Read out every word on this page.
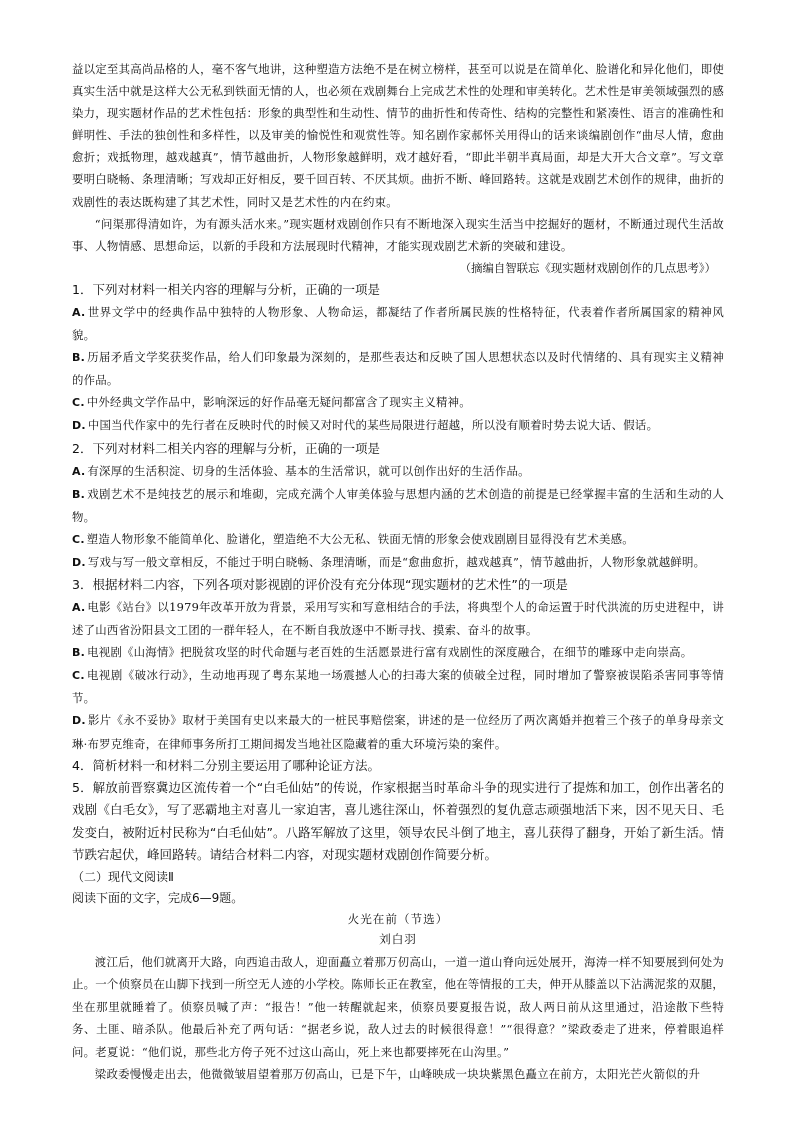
益以定至其高尚品格的人，毫不客气地讲，这种塑造方法绝不是在树立榜样，甚至可以说是在简单化、脸谱化和异化他们，即使真实生活中就是这样大公无私到铁面无情的人，也必须在戏剧舞台上完成艺术性的处理和审美转化。艺术性是审美领域强烈的感染力，现实题材作品的艺术性包括：形象的典型性和生动性、情节的曲折性和传奇性、结构的完整性和紧凑性、语言的准确性和鲜明性、手法的独创性和多样性，以及审美的愉悦性和观赏性等。知名剧作家郝怀关用得山的话来谈编剧创作“曲尽人情，愈曲愈折；戏抵物理，越戏越真”，情节越曲折，人物形象越鲜明，戏才越好看，“即此半朝半真局面，却是大开大合文章”。写文章要明白晓畅、条理清晰；写戏却正好相反，要千回百转、不厌其烦。曲折不断、峰回路转。这就是戏剧艺术创作的规律，曲折的戏剧性的表达既构建了其艺术性，同时又是艺术性的内在约束。

“问渠那得清如许，为有源头活水来。”现实题材戏剧创作只有不断地深入现实生活当中挖掘好的题材，不断通过现代生活故事、人物情感、思想命运，以新的手段和方法展现时代精神，才能实现戏剧艺术新的突破和建设。

（摘编自智联忘《现实题材戏剧创作的几点思考》）

1．下列对材料一相关内容的理解与分析，正确的一项是

A. 世界文学中的经典作品中独特的人物形象、人物命运，都凝结了作者所属民族的性格特征，代表着作者所属国家的精神风貌。

B. 历届矛盾文学奖获奖作品，给人们印象最为深刻的，是那些表达和反映了国人思想状态以及时代情绪的、具有现实主义精神的作品。

C. 中外经典文学作品中，影响深远的好作品毫无疑问都富含了现实主义精神。

D. 中国当代作家中的先行者在反映时代的时候又对时代的某些局限进行超越，所以没有顺着时势去说大话、假话。

2．下列对材料二相关内容的理解与分析，正确的一项是

A. 有深厚的生活积淀、切身的生活体验、基本的生活常识，就可以创作出好的生活作品。

B. 戏剧艺术不是纯技艺的展示和堆砌，完成充满个人审美体验与思想内涵的艺术创造的前提是已经掌握丰富的生活和生动的人物。

C. 塑造人物形象不能简单化、脸谱化，塑造绝不大公无私、铁面无情的形象会使戏剧剧目显得没有艺术美感。

D. 写戏与写一般文章相反，不能过于明白晓畅、条理清晰，而是“愈曲愈折，越戏越真”，情节越曲折，人物形象就越鲜明。

3．根据材料二内容，下列各项对影视剧的评价没有充分体现“现实题材的艺术性”的一项是

A. 电影《站台》以1979年改革开放为背景，采用写实和写意相结合的手法，将典型个人的命运置于时代洪流的历史进程中，讲述了山西省汾阳县文工团的一群年轻人，在不断自我放逐中不断寻找、摸索、奋斗的故事。

B. 电视剧《山海情》把脱贫攻坚的时代命题与老百姓的生活愿景进行富有戏剧性的深度融合，在细节的雕琢中走向崇高。

C. 电视剧《破冰行动》，生动地再现了粤东某地一场震撼人心的扫毒大案的侦破全过程，同时增加了警察被误陷杀害同事等情节。

D. 影片《永不妥协》取材于美国有史以来最大的一桩民事赔偿案，讲述的是一位经历了两次离婚并抱着三个孩子的单身母亲文琳·布罗克维奇，在律师事务所打工期间揭发当地社区隐藏着的重大环境污染的案件。

4．简析材料一和材料二分别主要运用了哪种论证方法。

5．解放前晋察冀边区流传着一个“白毛仙姑”的传说，作家根据当时革命斗争的现实进行了提炼和加工，创作出著名的戏剧《白毛女》，写了恶霸地主对喜儿一家迫害，喜儿逃往深山，怀着强烈的复仇意志顽强地活下来，因不见天日、毛发变白，被附近村民称为“白毛仙姑”。八路军解放了这里，领导农民斗倒了地主，喜儿获得了翻身，开始了新生活。情节跌宕起伏，峰回路转。请结合材料二内容，对现实题材戏剧创作简要分析。

（二）现代文阅读Ⅱ

阅读下面的文字，完成6—9题。

火光在前（节选）

刘白羽

渡江后，他们就离开大路，向西追击敌人，迎面矗立着那万仞高山，一道一道山脊向远处展开，海涛一样不知要展到何处为止。一个侦察员在山脚下找到一所空无人迹的小学校。陈师长正在教室，他在等情报的工夫，伸开从膝盖以下沾满泥浆的双腿，坐在那里就睡着了。侦察员喊了声：“报告！”他一转醒就起来，侦察员要夏报告说，敌人两日前从这里通过，沿途散下些特务、土匪、暗杀队。他最后补充了两句话：“据老乡说，敌人过去的时候很得意！”“很得意？”梁政委走了进来，停着眼追样问。老夏说：“他们说，那些北方侉子死不过这山高山，死上来也都要摔死在山沟里。”

梁政委慢慢走出去，他微微皱眉望着那万仞高山，已是下午，山峰映成一块块紫黑色矗立在前方，太阳光芒火箭似的升
